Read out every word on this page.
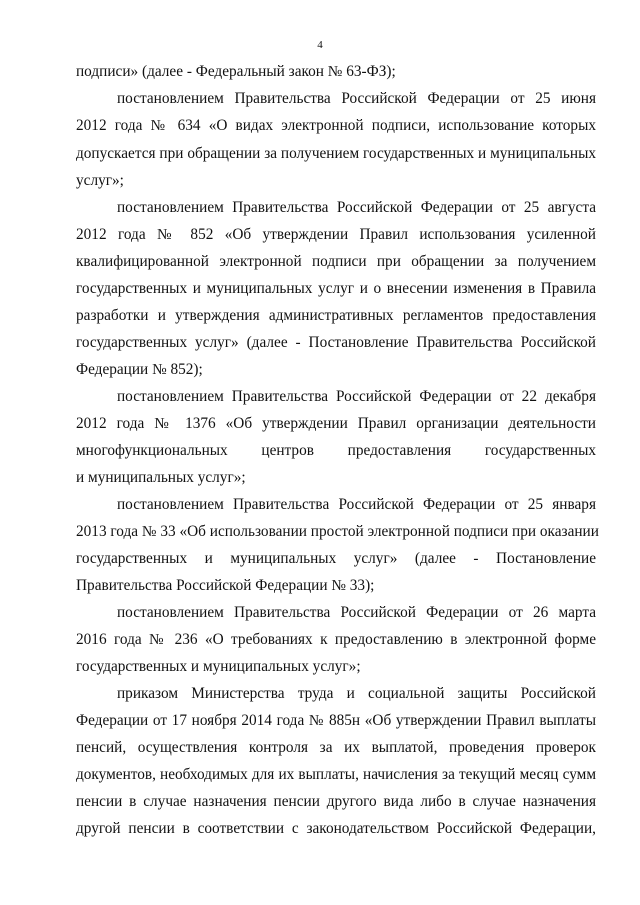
4
подписи» (далее - Федеральный закон № 63-ФЗ);
постановлением Правительства Российской Федерации от 25 июня
2012 года № 634 «О видах электронной подписи, использование которых
допускается при обращении за получением государственных и муниципальных
услуг»;
постановлением Правительства Российской Федерации от 25 августа
2012 года № 852 «Об утверждении Правил использования усиленной
квалифицированной электронной подписи при обращении за получением
государственных и муниципальных услуг и о внесении изменения в Правила
разработки и утверждения административных регламентов предоставления
государственных услуг» (далее - Постановление Правительства Российской
Федерации № 852);
постановлением Правительства Российской Федерации от 22 декабря
2012 года № 1376 «Об утверждении Правил организации деятельности
многофункциональных центров предоставления государственных
и муниципальных услуг»;
постановлением Правительства Российской Федерации от 25 января
2013 года № 33 «Об использовании простой электронной подписи при оказании
государственных и муниципальных услуг» (далее - Постановление
Правительства Российской Федерации № 33);
постановлением Правительства Российской Федерации от 26 марта
2016 года № 236 «О требованиях к предоставлению в электронной форме
государственных и муниципальных услуг»;
приказом Министерства труда и социальной защиты Российской
Федерации от 17 ноября 2014 года № 885н «Об утверждении Правил выплаты
пенсий, осуществления контроля за их выплатой, проведения проверок
документов, необходимых для их выплаты, начисления за текущий месяц сумм
пенсии в случае назначения пенсии другого вида либо в случае назначения
другой пенсии в соответствии с законодательством Российской Федерации,
